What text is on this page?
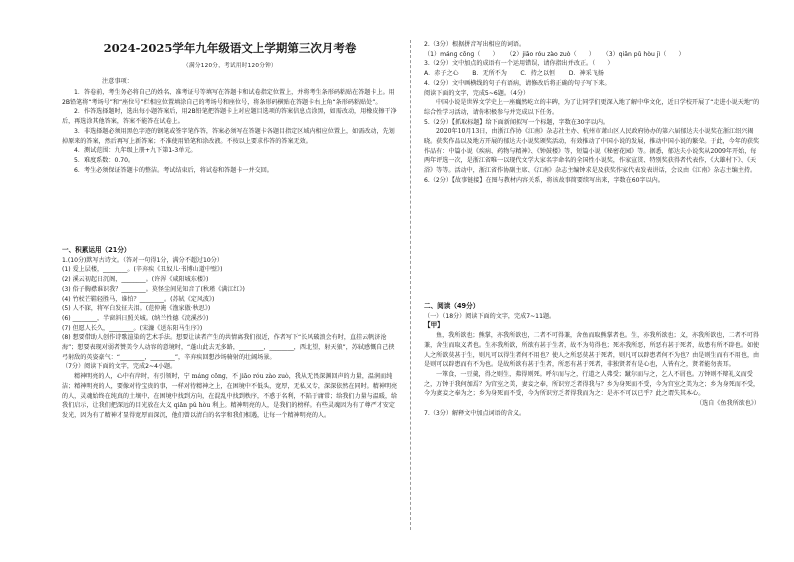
2024-2025学年九年级语文上学期第三次月考卷
（满分120分，考试用时120分钟）
注意事项：

1．答卷前，考生务必将自己的姓名、准考证号等填写在答题卡和试卷指定位置上，并将考生条形码粘贴在答题卡上。用2B铅笔将“考场号”和“座位号”栏相应位置填涂自己的考场号和座位号，将条形码横贴在答题卡右上角“条形码粘贴处”。

2．作答选择题时，选出每小题答案后，用2B铅笔把答题卡上对应题目选项的答案信息点涂黑，如需改动，用橡皮擦干净后，再选涂其他答案，答案不能答在试卷上。

3．非选择题必须用黑色字迹的钢笔或签字笔作答，答案必须写在答题卡各题目指定区域内相应位置上，如需改动，先划掉原来的答案，然后再写上新答案；不准使用铅笔和涂改液。不按以上要求作答的答案无效。

4．测试范围：九年级上册+九下第1-3单元。

5．难度系数：0.70。

6．考生必须保证答题卡的整洁。考试结束后，将试卷和答题卡一并交回。

一、积累运用（21分）

1.(10分)默写古诗文。（答对一句得1分，满分不超过10分）

(1) 爱上层楼，________。(辛弃疾《丑奴儿·书博山道中壁》)

(2) 溪云初起日沉阁，________。(许浑《咸阳城东楼》)

(3) 俗子胸襟谁识我？________。莫怪尘间见知音了(秋瑾《满江红》)

(4) 竹杖芒鞋轻胜马，谁怕？________。(苏轼《定风波》)

(5) 人不寐，将军白发征夫泪。(范仲淹《渔家傲·秋思》)

(6) ________，半窗斜日照关城。(纳兰性德《浣溪沙》)

(7) 但愿人长久，________。(宋濂《送东阳马生序》)

(8) 想要借助人创作诗歌渲染的艺术手法。想要让读者产生的共情离我们很近，作者写下“长风破浪会有时，直挂云帆济沧海”；想要表现对弱者赞美令人动容的意境时，“蓬山此去无多路，________，________，西北望，射天狼”，苏轼感慨自己挟弓射敌的英姿豪气：“________，________”，辛弃疾回想沙场骑射的壮阔场景。

（7分）阅读下面的文字，完成2~4小题。

精神明亮的人，心中有岸时，有引领时，宁 mánɡ cōnɡ，不 jiāo róu zào zuò，我从无畏深渊回声的力量，温润而纯洁；精神明亮的人，要像对待宝贵的事，一样对待精神之上，在困境中不低头，宽厚，无私又专，深深依然在同时。精神明亮的人，灵魂始终在纯真的土壤中，在困境中找到方向，在混乱中找到秩序，不惑于名利，不陷于庸常；给我们力量与温暖，给我们启示，让我们把深远的目光放在大义 qiān pǔ hòu 利上。精神明亮的人，是我们的榜样。有些灵魂因为有了尊严才安定发光，因为有了精神才显得宽厚而深沉，他们曾以清白的名字和我们相遇，让每一个精神明亮的人。

2.（3分）根据拼音写出相应的词语。

（1）mánɡ cōnɡ（　　） （2）jiāo róu zào zuò（　　） （3）qiān pǔ hòu jì（　　）

3.（2分）文中加点的成语有一个运用错误，请你指出并改正。（　　）

A．赤子之心 B．无所不为 C．持之以恒 D．神采飞扬

4.（2分）文中画横线的句子有语病，请修改后将正确的句子写下来。

阅读下面的文字，完成5~6题。（4分）

中国小说是世界文学史上一座巍然屹立的丰碑，为了让同学们更深入地了解中华文化，近日学校开展了“走进小说天地”的综合性学习活动，请你积极参与并完成以下任务。

5.（2分）【抓取标题】给下面新闻拟写一个标题，字数在30字以内。

2020年10月13日，由浙江作协《江南》杂志社主办、杭州市萧山区人民政府协办的第六届郁达夫小说奖在浙江绍兴揭晓。获奖作品以及地方开展的郁达夫小说奖颁奖活动，有效推动了中国小说的发展，推动中国小说的繁荣。于此，今年的获奖作品有：中篇小说《疾病、药物与精神》、《钟鼓楼》等，短篇小说《秘密花园》等。据悉，郁达夫小说奖从2009年开始，每两年评选一次，是浙江省唯一以现代文学大家名字命名的全国性小说奖，作家宣贯、特别奖获得者代表作，《大雄村下》、《天浴》等等。活动中，浙江省作协副主席、《江南》杂志主编钟求是及获奖作家代表发表讲话，会议由《江南》杂志主编主持。

6.（2分）【故事链接】在图与教材内容关系，将该故事简要续写出来，字数在60字以内。

二、阅读（49分）

（一）（18分）阅读下面的文字，完成7~11题。

【甲】

鱼，我所欲也；熊掌，亦我所欲也，二者不可得兼，舍鱼而取熊掌者也。生，亦我所欲也；义，亦我所欲也，二者不可得兼，舍生而取义者也。生亦我所欲，所欲有甚于生者，故不为苟得也；死亦我所恶，所恶有甚于死者，故患有所不辟也。如使人之所欲莫甚于生，则凡可以得生者何不用也？使人之所恶莫甚于死者，则凡可以辟患者何不为也？由是则生而有不用也，由是则可以辟患而有不为也。是故所欲有甚于生者，所恶有甚于死者，非独贤者有是心也，人皆有之，贤者能勿丧耳。

一箪食，一豆羹，得之则生，弗得则死。呼尔而与之，行道之人弗受；蹴尔而与之，乞人不屑也。万钟则不辩礼义而受之，万钟于我何加焉？为宫室之美，妻妾之奉，所识穷乏者得我与？乡为身死而不受，今为宫室之美为之；乡为身死而不受，今为妻妾之奉为之；乡为身死而不受，今为所识穷乏者得我而为之：是亦不可以已乎？此之谓失其本心。

（选自《鱼我所欲也》）

7.（3分）解释文中加点词语的含义。
